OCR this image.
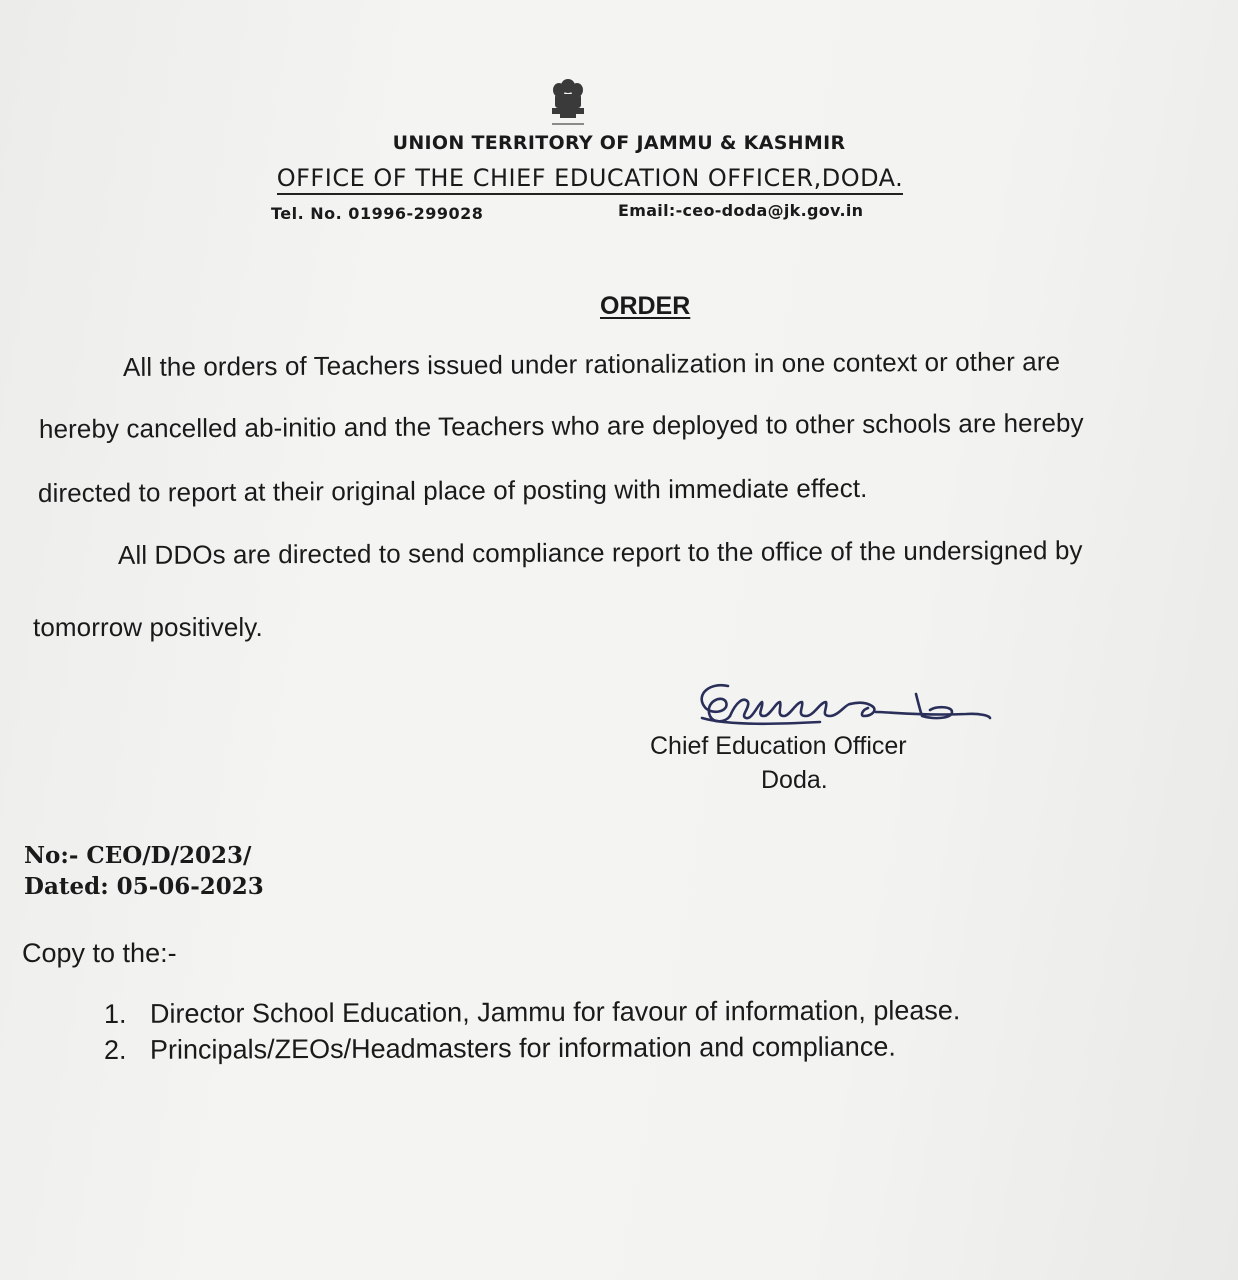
UNION TERRITORY OF JAMMU & KASHMIR
OFFICE OF THE CHIEF EDUCATION OFFICER,DODA.
Tel. No. 01996-299028	Email:-ceo-doda@jk.gov.in
ORDER
All the orders of Teachers issued under rationalization in one context or other are
hereby cancelled ab-initio and the Teachers who are deployed to other schools are hereby
directed to report at their original place of posting with immediate effect.
All DDOs are directed to send compliance report to the office of the undersigned by
tomorrow positively.
Chief Education Officer
Doda.
No:- CEO/D/2023/
Dated: 05-06-2023
Copy to the:-
1. Director School Education, Jammu for favour of information, please.
2. Principals/ZEOs/Headmasters for information and compliance.
